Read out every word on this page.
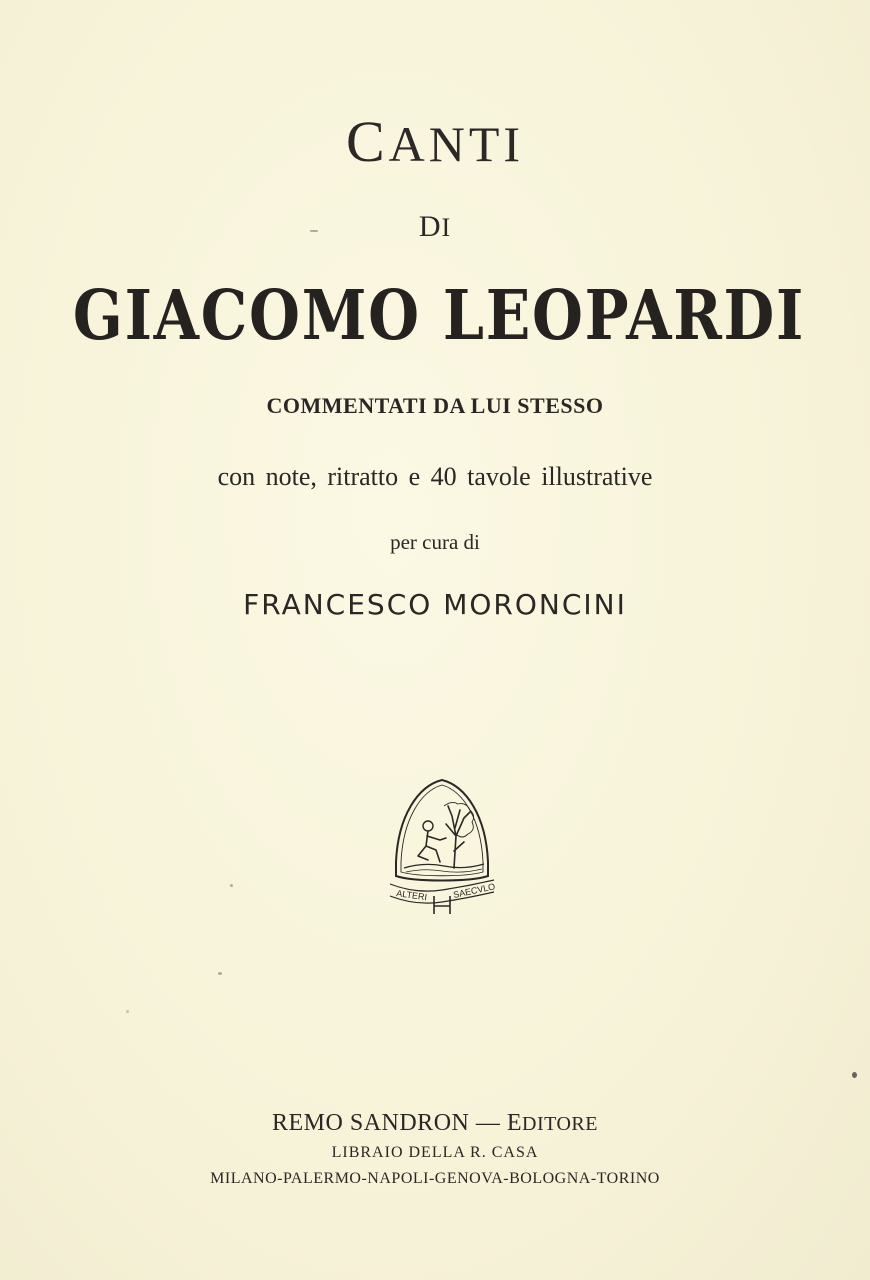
CANTI
DI
GIACOMO LEOPARDI
COMMENTATI DA LUI STESSO
con note, ritratto e 40 tavole illustrative
per cura di
FRANCESCO MORONCINI
ALTERI	SAECVLO
REMO SANDRON — EDITORE
LIBRAIO DELLA R. CASA
MILANO-PALERMO-NAPOLI-GENOVA-BOLOGNA-TORINO
